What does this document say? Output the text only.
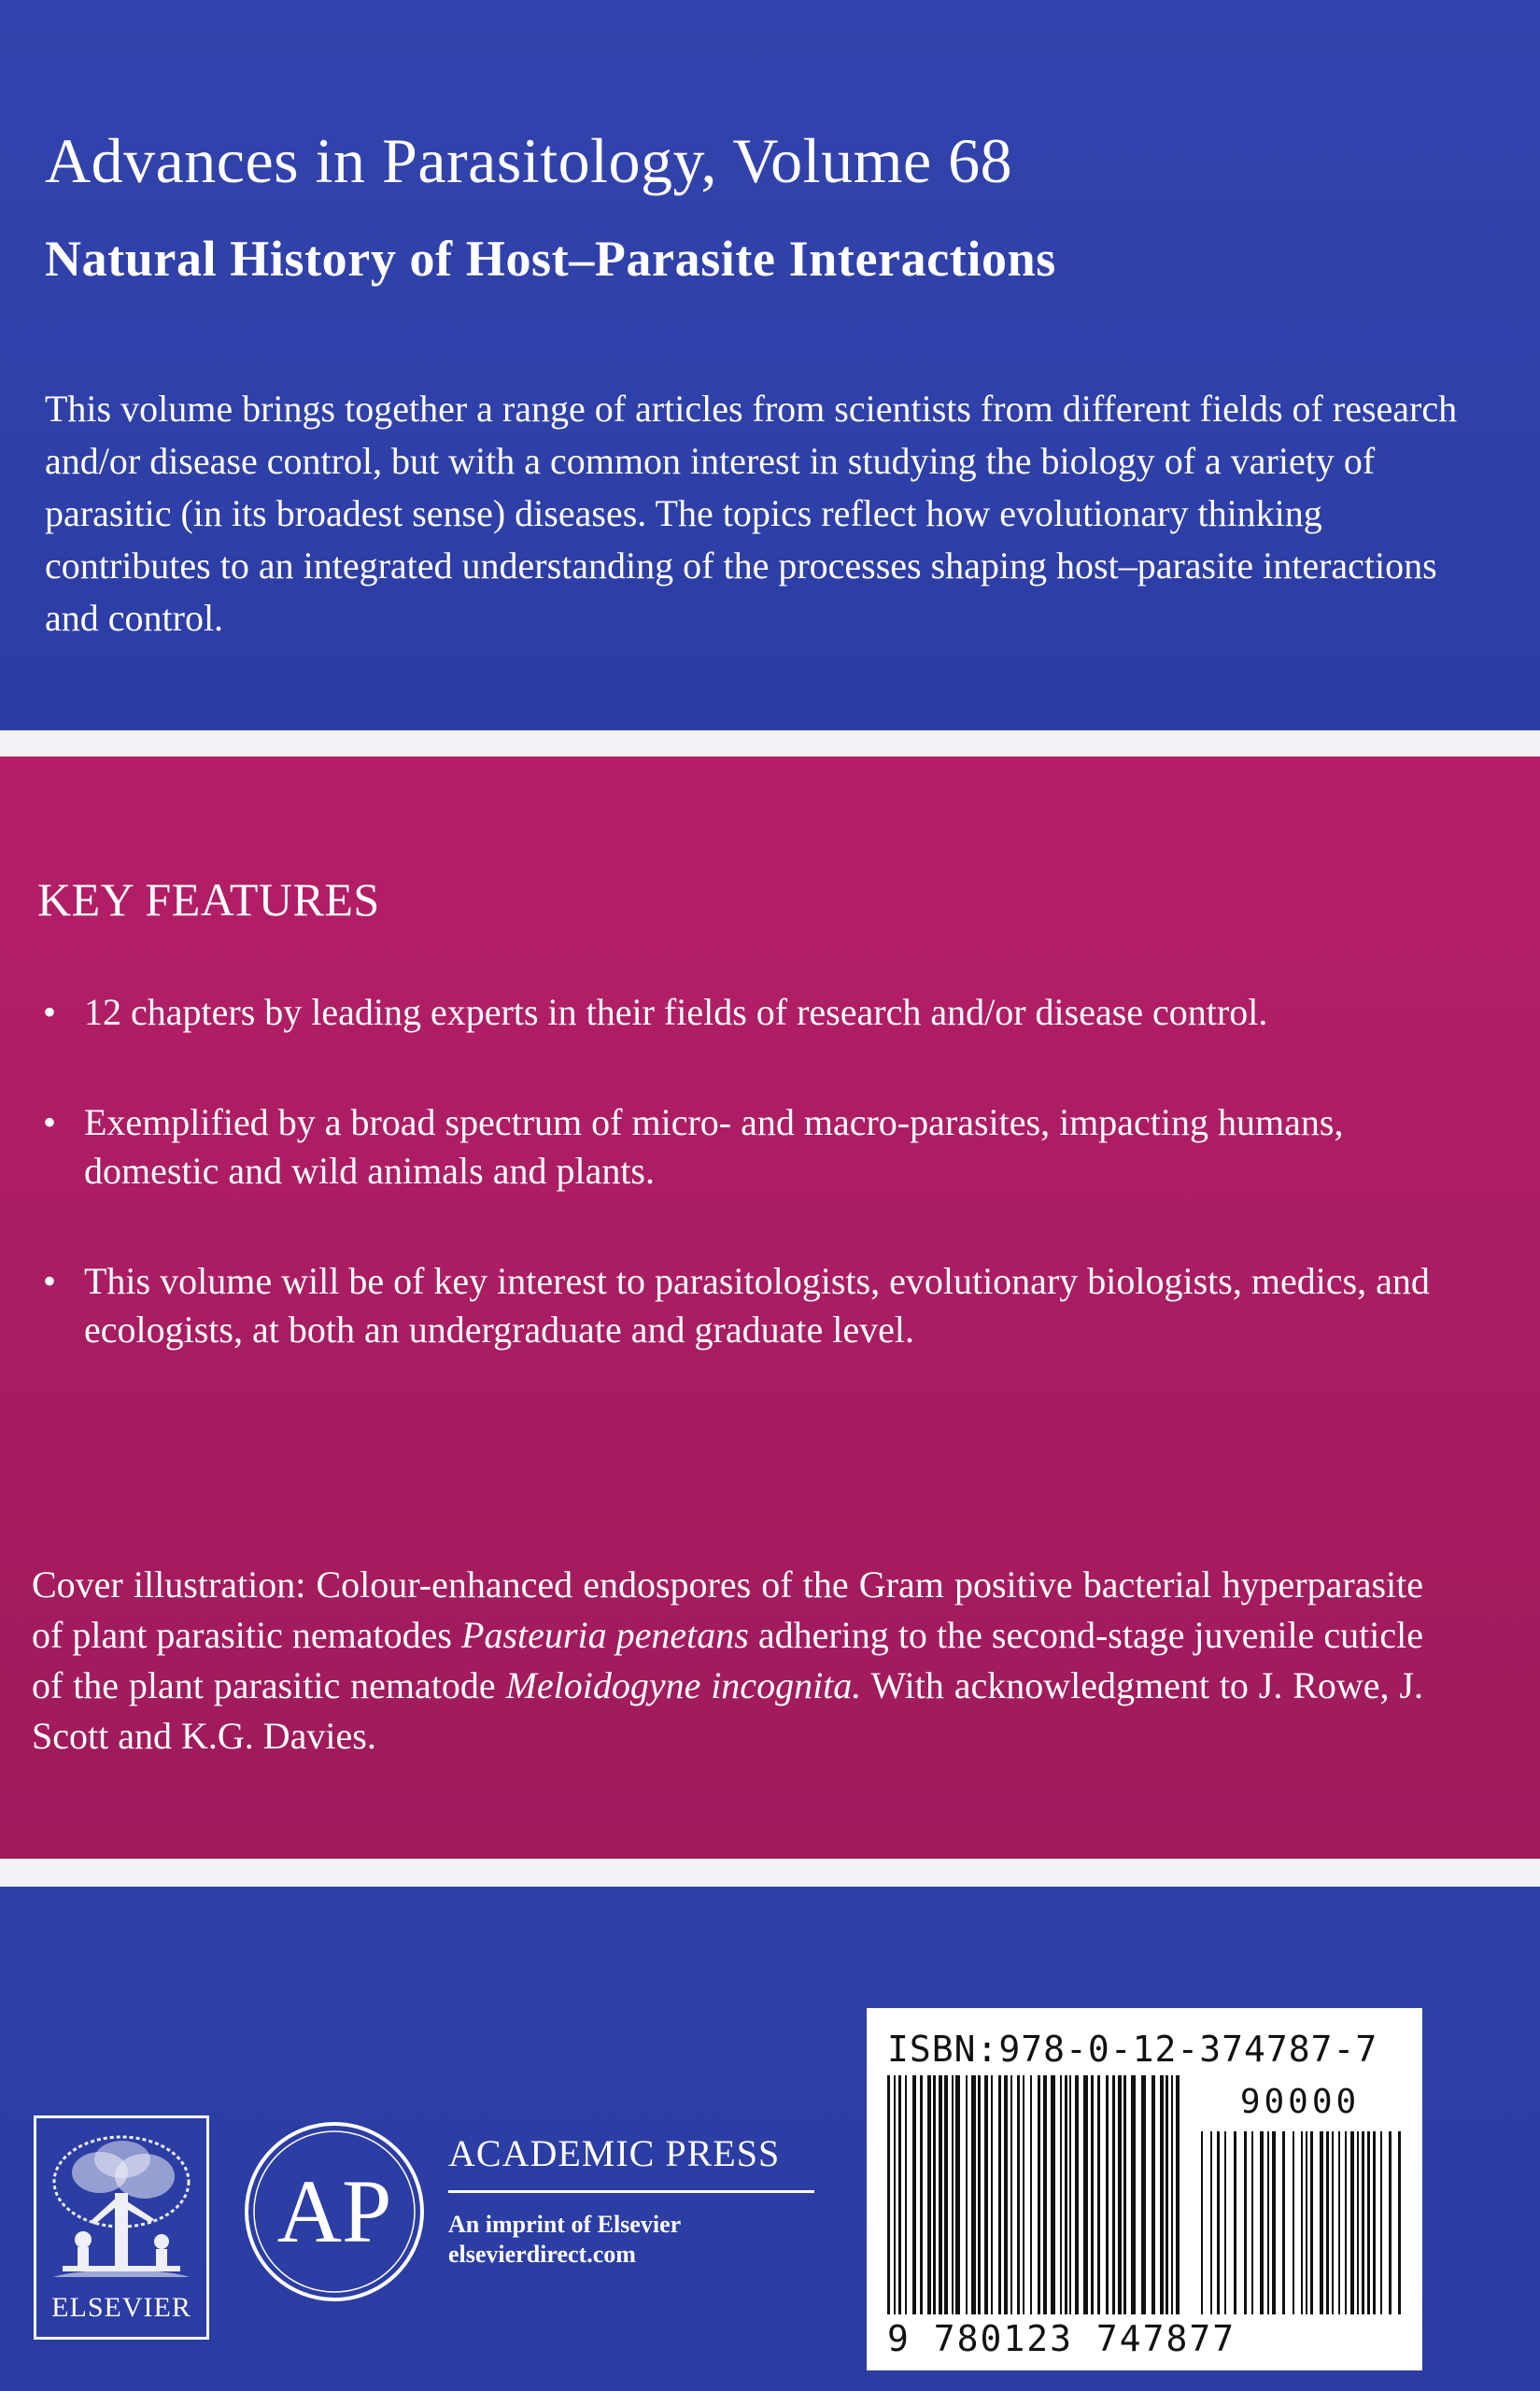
Advances in Parasitology, Volume 68
Natural History of Host–Parasite Interactions

This volume brings together a range of articles from scientists from different fields of research and/or disease control, but with a common interest in studying the biology of a variety of parasitic (in its broadest sense) diseases. The topics reflect how evolutionary thinking contributes to an integrated understanding of the processes shaping host–parasite interactions and control.

KEY FEATURES
• 12 chapters by leading experts in their fields of research and/or disease control.
• Exemplified by a broad spectrum of micro- and macro-parasites, impacting humans, domestic and wild animals and plants.
• This volume will be of key interest to parasitologists, evolutionary biologists, medics, and ecologists, at both an undergraduate and graduate level.
Cover illustration: Colour-enhanced endospores of the Gram positive bacterial hyperparasite of plant parasitic nematodes Pasteuria penetans adhering to the second-stage juvenile cuticle of the plant parasitic nematode Meloidogyne incognita. With acknowledgment to J. Rowe, J. Scott and K.G. Davies.
ELSEVIER
AP
ACADEMIC PRESS
An imprint of Elsevier
elsevierdirect.com
ISBN:978-0-12-374787-7
90000
9 780123 747877
